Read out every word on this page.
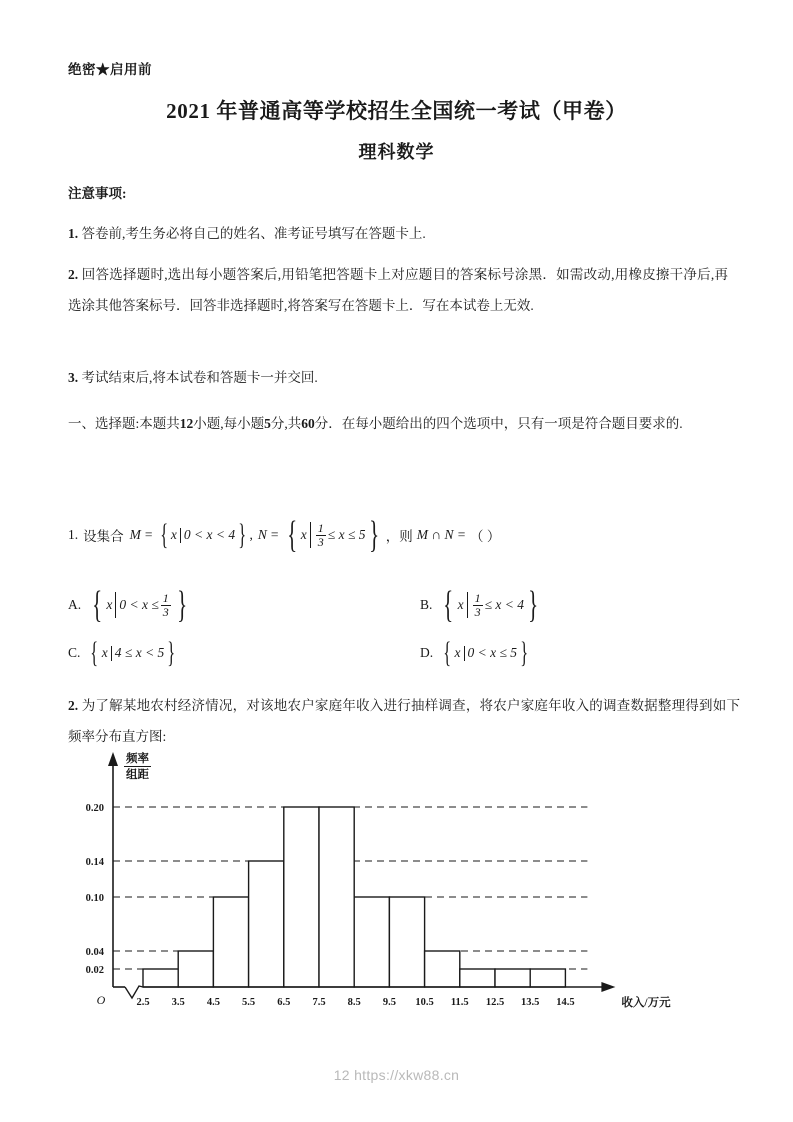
绝密★启用前
2021 年普通高等学校招生全国统一考试（甲卷）
理科数学
注意事项:
1. 答卷前,考生务必将自己的姓名、准考证号填写在答题卡上.
2. 回答选择题时,选出每小题答案后,用铅笔把答题卡上对应题目的答案标号涂黑．如需改动,用橡皮擦干净后,再选涂其他答案标号．回答非选择题时,将答案写在答题卡上．写在本试卷上无效.
3. 考试结束后,将本试卷和答题卡一并交回.
一、选择题:本题共12小题,每小题5分,共60分．在每小题给出的四个选项中，只有一项是符合题目要求的.
1. 设集合 M = { x 0 < x < 4 } , N = { x $\frac{1}{3} \le x \le 5$ } ，则 M ∩ N = （ ）
A. { x $0 < x \le \frac{1}{3}$ }	B. { x $\frac{1}{3} \le x < 4$ }
C. { x 4 ≤ x < 5 }	D. { x 0 < x ≤ 5 }
2. 为了解某地农村经济情况，对该地农户家庭年收入进行抽样调查，将农户家庭年收入的调查数据整理得到如下频率分布直方图:
0.02
0.04
0.10
0.14
0.20
2.5 3.5 4.5 5.5 6.5 7.5 8.5 9.5 10.5 11.5 12.5 13.5 14.5
O	收入/万元
频率
组距
12 https://xkw88.cn
